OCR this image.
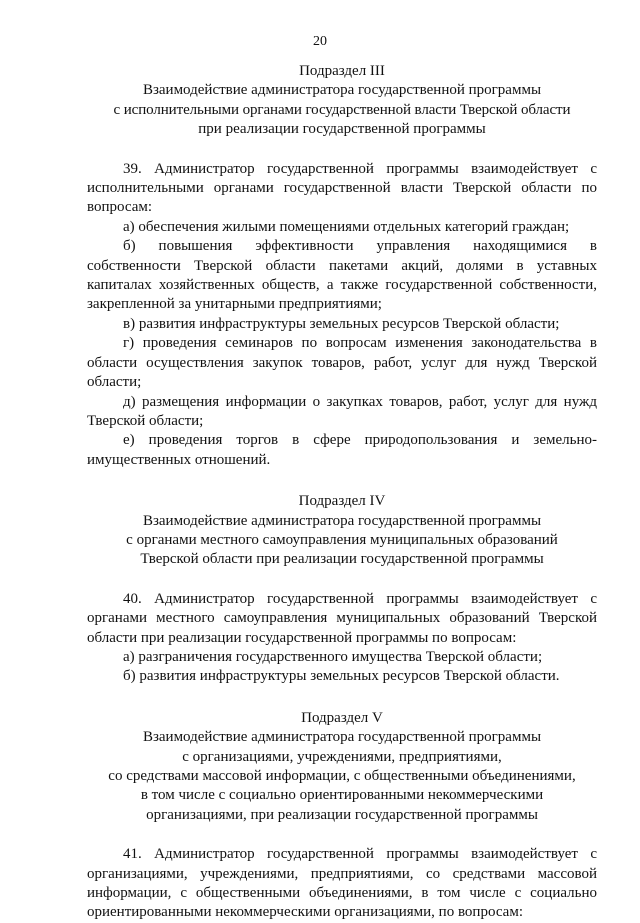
20
Подраздел III
Взаимодействие администратора государственной программы
с исполнительными органами государственной власти Тверской области
при реализации государственной программы

39. Администратор государственной программы взаимодействует с исполнительными органами государственной власти Тверской области по вопросам:

а) обеспечения жилыми помещениями отдельных категорий граждан;

б) повышения эффективности управления находящимися в собственности Тверской области пакетами акций, долями в уставных капиталах хозяйственных обществ, а также государственной собственности, закрепленной за унитарными предприятиями;

в) развития инфраструктуры земельных ресурсов Тверской области;

г) проведения семинаров по вопросам изменения законодательства в области осуществления закупок товаров, работ, услуг для нужд Тверской области;

д) размещения информации о закупках товаров, работ, услуг для нужд Тверской области;

е) проведения торгов в сфере природопользования и земельно-имущественных отношений.

Подраздел IV
Взаимодействие администратора государственной программы
с органами местного самоуправления муниципальных образований
Тверской области при реализации государственной программы

40. Администратор государственной программы взаимодействует с органами местного самоуправления муниципальных образований Тверской области при реализации государственной программы по вопросам:

а) разграничения государственного имущества Тверской области;

б) развития инфраструктуры земельных ресурсов Тверской области.

Подраздел V
Взаимодействие администратора государственной программы
с организациями, учреждениями, предприятиями,
со средствами массовой информации, с общественными объединениями,
в том числе с социально ориентированными некоммерческими
организациями, при реализации государственной программы

41. Администратор государственной программы взаимодействует с организациями, учреждениями, предприятиями, со средствами массовой информации, с общественными объединениями, в том числе с социально ориентированными некоммерческими организациями, по вопросам:
